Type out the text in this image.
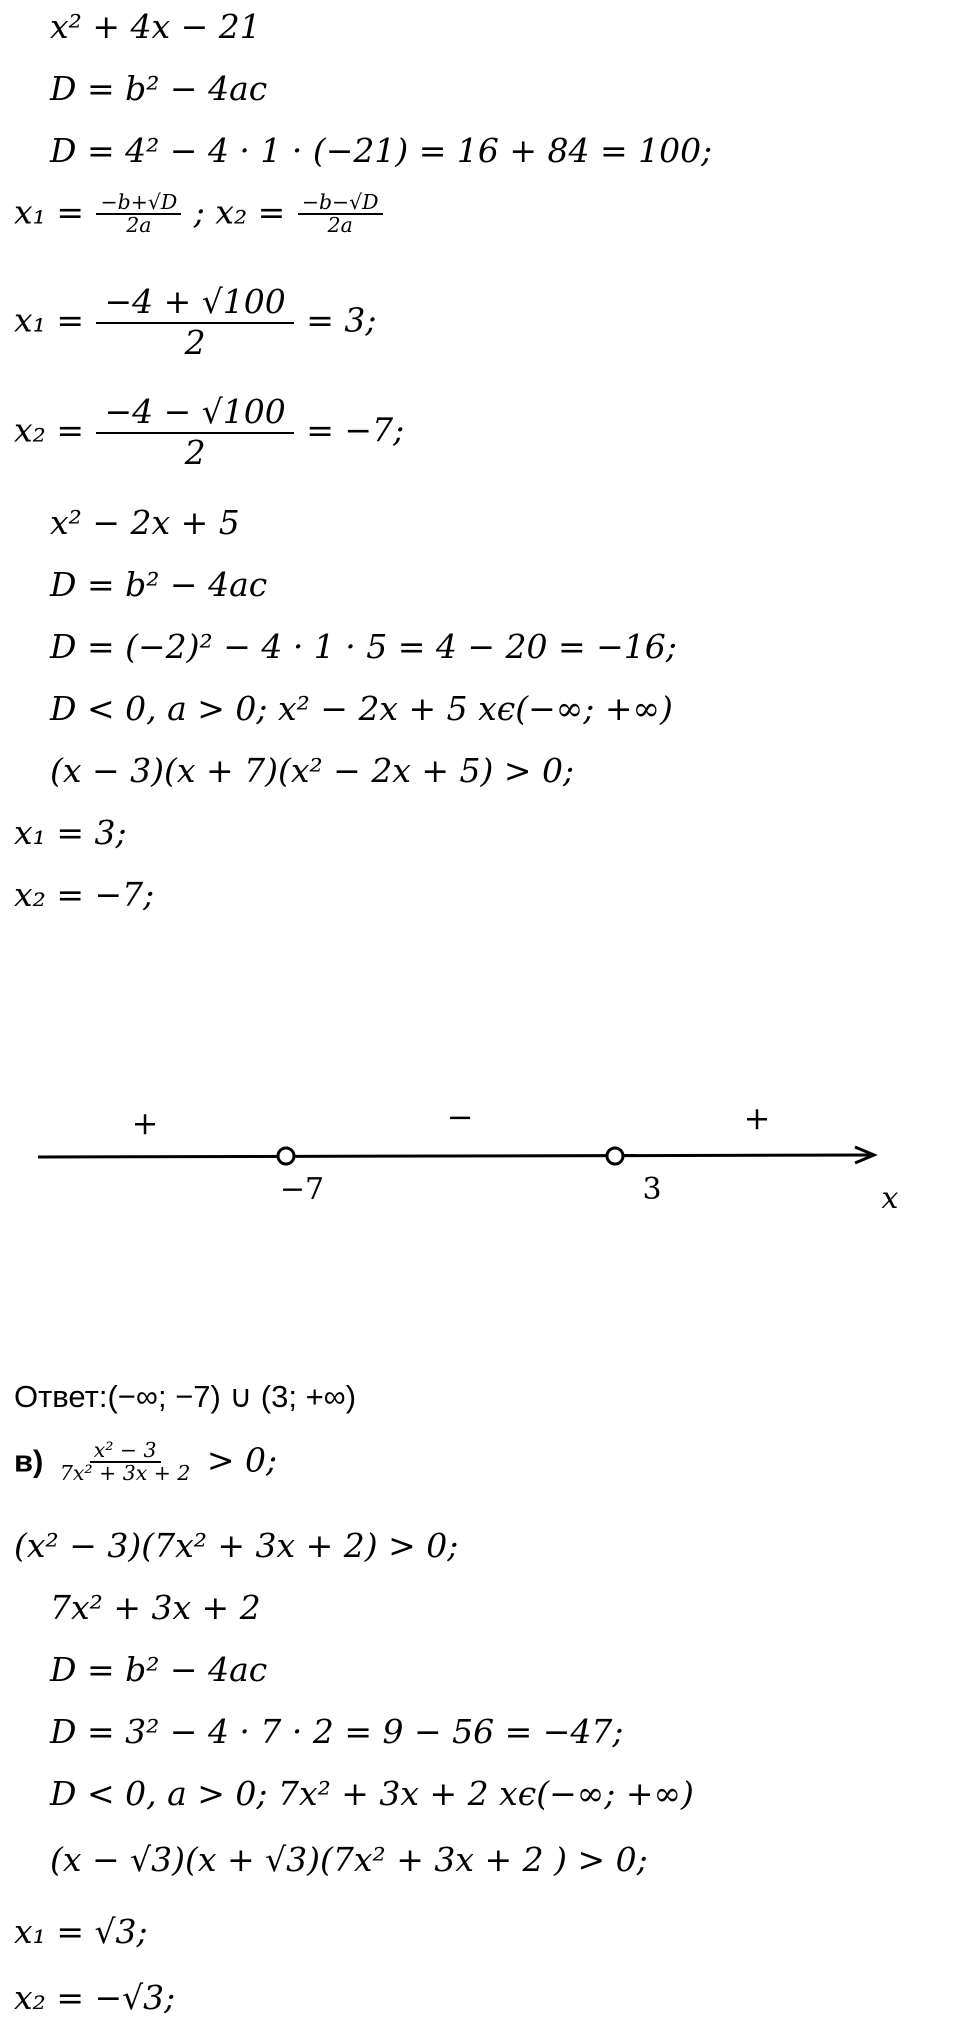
x² + 4x − 21
D = b² − 4ac
D = 4² − 4 · 1 · (−21) = 16 + 84 = 100;
$x_1 = \frac{-b+√D}{2a}$ ; $x_2 = \frac{-b-√D}{2a}$
$x_1 = \frac{-4 + √100}{2} = 3$;
$x_2 = \frac{-4 - √100}{2} = -7$;
x² − 2x + 5
D = b² − 4ac
D = (−2)² − 4 · 1 · 5 = 4 − 20 = −16;
D < 0, a > 0; x² − 2x + 5 xϵ(−∞; +∞)
(x − 3)(x + 7)(x² − 2x + 5) > 0;
x₁ = 3;
x₂ = −7;
+	−	+
−7	3	x
Ответ:(−∞; −7) ∪ (3; +∞)
$в) \frac{\text{x² − 3}}{\text{7x² + 3x + 2}} > 0$;
(x² − 3)(7x² + 3x + 2) > 0;
7x² + 3x + 2
D = b² − 4ac
D = 3² − 4 · 7 · 2 = 9 − 56 = −47;
D < 0, a > 0; 7x² + 3x + 2 xϵ(−∞; +∞)
(x − √3)(x + √3)(7x² + 3x + 2 ) > 0;
x₁ = √3;
x₂ = −√3;
